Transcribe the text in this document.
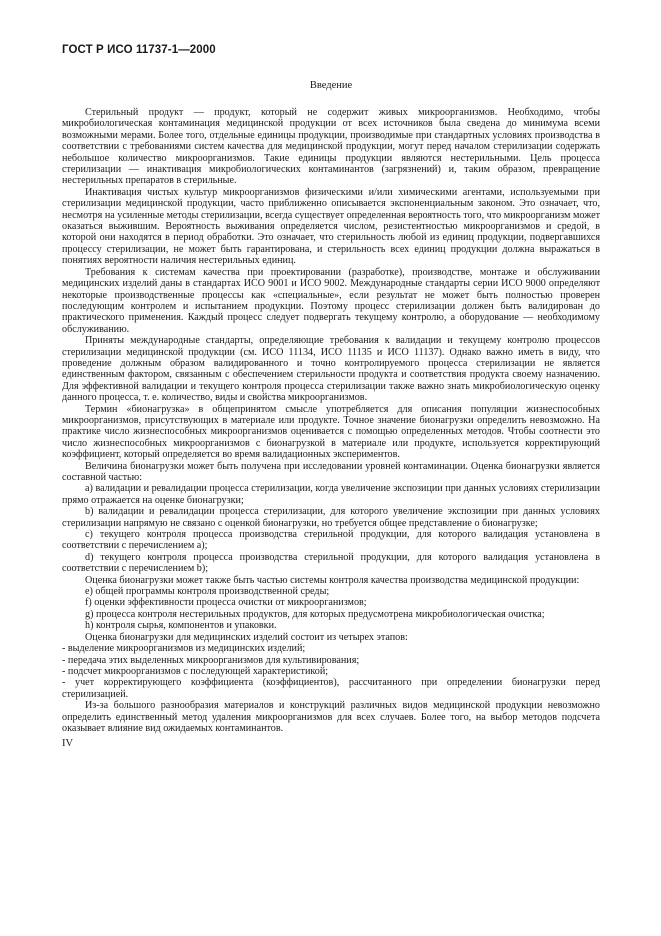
ГОСТ Р ИСО 11737-1—2000
Введение

Стерильный продукт — продукт, который не содержит живых микроорганизмов. Необходимо, чтобы микробиологическая контаминация медицинской продукции от всех источников была сведена до минимума всеми возможными мерами. Более того, отдельные единицы продукции, производимые при стандартных условиях производства в соответствии с требованиями систем качества для медицинской продукции, могут перед началом стерилизации содержать небольшое количество микроорганизмов. Такие единицы продукции являются нестерильными. Цель процесса стерилизации — инактивация микробиологических контаминантов (загрязнений) и, таким образом, превращение нестерильных препаратов в стерильные.

Инактивация чистых культур микроорганизмов физическими и/или химическими агентами, используемыми при стерилизации медицинской продукции, часто приближенно описывается экспоненциальным законом. Это означает, что, несмотря на усиленные методы стерилизации, всегда существует определенная вероятность того, что микроорганизм может оказаться выжившим. Вероятность выживания определяется числом, резистентностью микроорганизмов и средой, в которой они находятся в период обработки. Это означает, что стерильность любой из единиц продукции, подвергавшихся процессу стерилизации, не может быть гарантирована, и стерильность всех единиц продукции должна выражаться в понятиях вероятности наличия нестерильных единиц.

Требования к системам качества при проектировании (разработке), производстве, монтаже и обслуживании медицинских изделий даны в стандартах ИСО 9001 и ИСО 9002. Международные стандарты серии ИСО 9000 определяют некоторые производственные процессы как «специальные», если результат не может быть полностью проверен последующим контролем и испытанием продукции. Поэтому процесс стерилизации должен быть валидирован до практического применения. Каждый процесс следует подвергать текущему контролю, а оборудование — необходимому обслуживанию.

Приняты международные стандарты, определяющие требования к валидации и текущему контролю процессов стерилизации медицинской продукции (см. ИСО 11134, ИСО 11135 и ИСО 11137). Однако важно иметь в виду, что проведение должным образом валидированного и точно контролируемого процесса стерилизации не является единственным фактором, связанным с обеспечением стерильности продукта и соответствия продукта своему назначению. Для эффективной валидации и текущего контроля процесса стерилизации также важно знать микробиологическую оценку данного процесса, т. е. количество, виды и свойства микроорганизмов.

Термин «бионагрузка» в общепринятом смысле употребляется для описания популяции жизнеспособных микроорганизмов, присутствующих в материале или продукте. Точное значение бионагрузки определить невозможно. На практике число жизнеспособных микроорганизмов оценивается с помощью определенных методов. Чтобы соотнести это число жизнеспособных микроорганизмов с бионагрузкой в материале или продукте, используется корректирующий коэффициент, который определяется во время валидационных экспериментов.

Величина бионагрузки может быть получена при исследовании уровней контаминации. Оценка бионагрузки является составной частью:

а) валидации и ревалидации процесса стерилизации, когда увеличение экспозиции при данных условиях стерилизации прямо отражается на оценке бионагрузки;

b) валидации и ревалидации процесса стерилизации, для которого увеличение экспозиции при данных условиях стерилизации напрямую не связано с оценкой бионагрузки, но требуется общее представление о бионагрузке;

c) текущего контроля процесса производства стерильной продукции, для которого валидация установлена в соответствии с перечислением а);

d) текущего контроля процесса производства стерильной продукции, для которого валидация установлена в соответствии с перечислением b);

Оценка бионагрузки может также быть частью системы контроля качества производства медицинской продукции:

e) общей программы контроля производственной среды;

f) оценки эффективности процесса очистки от микроорганизмов;

g) процесса контроля нестерильных продуктов, для которых предусмотрена микробиологическая очистка;

h) контроля сырья, компонентов и упаковки.

Оценка бионагрузки для медицинских изделий состоит из четырех этапов:

- выделение микроорганизмов из медицинских изделий;

- передача этих выделенных микроорганизмов для культивирования;

- подсчет микроорганизмов с последующей характеристикой;

- учет корректирующего коэффициента (коэффициентов), рассчитанного при определении бионагрузки перед стерилизацией.

Из-за большого разнообразия материалов и конструкций различных видов медицинской продукции невозможно определить единственный метод удаления микроорганизмов для всех случаев. Более того, на выбор методов подсчета оказывает влияние вид ожидаемых контаминантов.

IV
